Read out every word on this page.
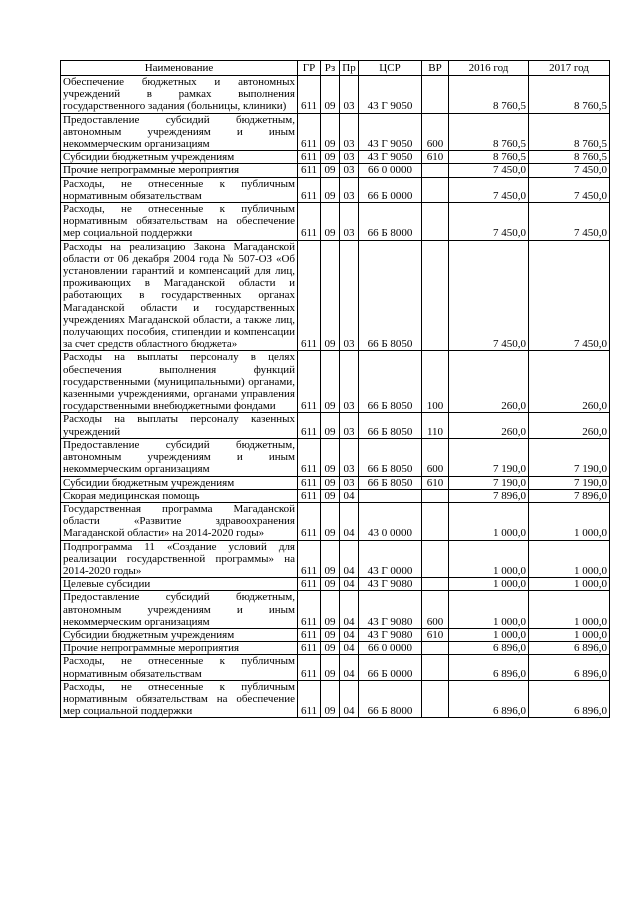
Наименование	ГР	Рз	Пр	ЦСР	ВР	2016 год	2017 год
Обеспечение бюджетных и автономных учреждений в рамках выполнения государственного задания (больницы, клиники)	611	09	03	43 Г 9050		8 760,5	8 760,5
Предоставление субсидий бюджетным, автономным учреждениям и иным некоммерческим организациям	611	09	03	43 Г 9050	600	8 760,5	8 760,5
Субсидии бюджетным учреждениям	611	09	03	43 Г 9050	610	8 760,5	8 760,5
Прочие непрограммные мероприятия	611	09	03	66 0 0000		7 450,0	7 450,0
Расходы, не отнесенные к публичным нормативным обязательствам	611	09	03	66 Б 0000		7 450,0	7 450,0
Расходы, не отнесенные к публичным нормативным обязательствам на обеспечение мер социальной поддержки	611	09	03	66 Б 8000		7 450,0	7 450,0
Расходы на реализацию Закона Магаданской области от 06 декабря 2004 года № 507-ОЗ «Об установлении гарантий и компенсаций для лиц, проживающих в Магаданской области и работающих в государственных органах Магаданской области и государственных учреждениях Магаданской области, а также лиц, получающих пособия, стипендии и компенсации за счет средств областного бюджета»	611	09	03	66 Б 8050		7 450,0	7 450,0
Расходы на выплаты персоналу в целях обеспечения выполнения функций государственными (муниципальными) органами, казенными учреждениями, органами управления государственными внебюджетными фондами	611	09	03	66 Б 8050	100	260,0	260,0
Расходы на выплаты персоналу казенных учреждений	611	09	03	66 Б 8050	110	260,0	260,0
Предоставление субсидий бюджетным, автономным учреждениям и иным некоммерческим организациям	611	09	03	66 Б 8050	600	7 190,0	7 190,0
Субсидии бюджетным учреждениям	611	09	03	66 Б 8050	610	7 190,0	7 190,0
Скорая медицинская помощь	611	09	04			7 896,0	7 896,0
Государственная программа Магаданской области «Развитие здравоохранения Магаданской области» на 2014-2020 годы»	611	09	04	43 0 0000		1 000,0	1 000,0
Подпрограмма 11 «Создание условий для реализации государственной программы» на 2014-2020 годы»	611	09	04	43 Г 0000		1 000,0	1 000,0
Целевые субсидии	611	09	04	43 Г 9080		1 000,0	1 000,0
Предоставление субсидий бюджетным, автономным учреждениям и иным некоммерческим организациям	611	09	04	43 Г 9080	600	1 000,0	1 000,0
Субсидии бюджетным учреждениям	611	09	04	43 Г 9080	610	1 000,0	1 000,0
Прочие непрограммные мероприятия	611	09	04	66 0 0000		6 896,0	6 896,0
Расходы, не отнесенные к публичным нормативным обязательствам	611	09	04	66 Б 0000		6 896,0	6 896,0
Расходы, не отнесенные к публичным нормативным обязательствам на обеспечение мер социальной поддержки	611	09	04	66 Б 8000		6 896,0	6 896,0
